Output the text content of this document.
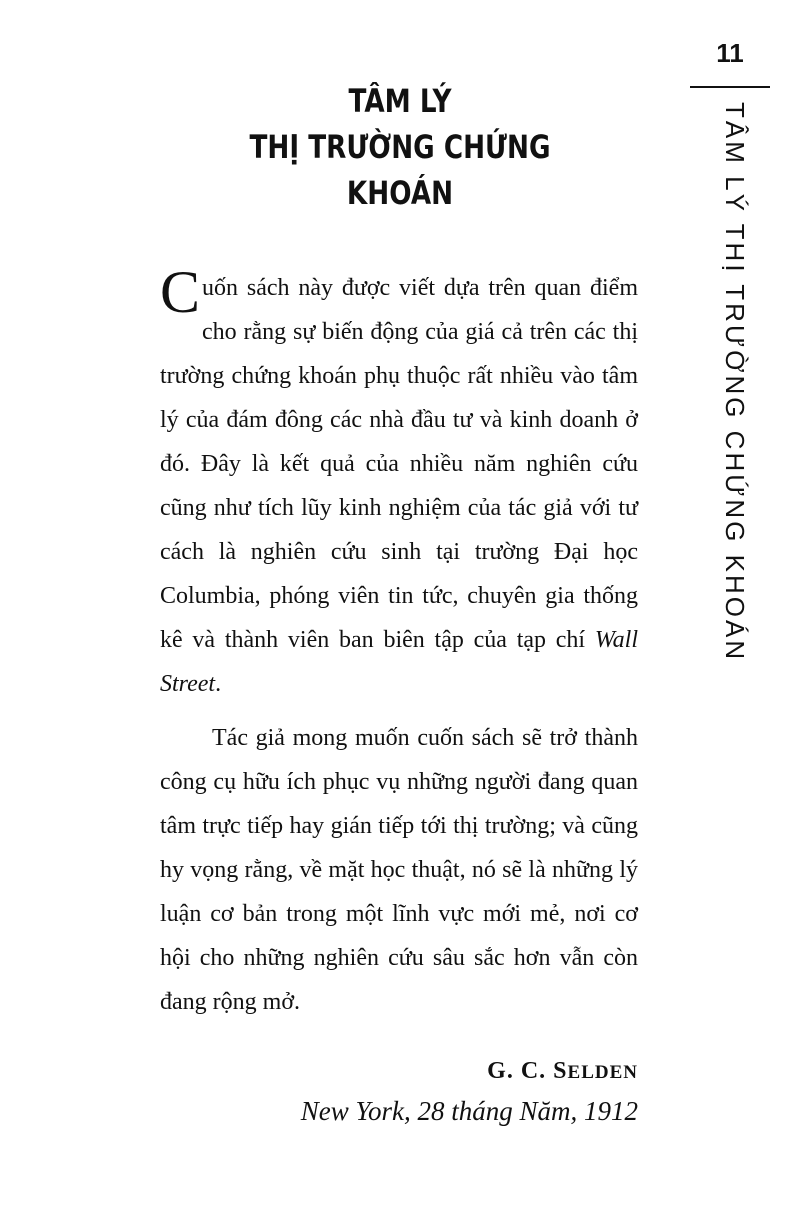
11
TÂM LÝ THỊ TRƯỜNG CHỨNG KHOÁN
TÂM LÝ
THỊ TRƯỜNG CHỨNG KHOÁN

Cuốn sách này được viết dựa trên quan điểm cho rằng sự biến động của giá cả trên các thị trường chứng khoán phụ thuộc rất nhiều vào tâm lý của đám đông các nhà đầu tư và kinh doanh ở đó. Đây là kết quả của nhiều năm nghiên cứu cũng như tích lũy kinh nghiệm của tác giả với tư cách là nghiên cứu sinh tại trường Đại học Columbia, phóng viên tin tức, chuyên gia thống kê và thành viên ban biên tập của tạp chí Wall Street.

Tác giả mong muốn cuốn sách sẽ trở thành công cụ hữu ích phục vụ những người đang quan tâm trực tiếp hay gián tiếp tới thị trường; và cũng hy vọng rằng, về mặt học thuật, nó sẽ là những lý luận cơ bản trong một lĩnh vực mới mẻ, nơi cơ hội cho những nghiên cứu sâu sắc hơn vẫn còn đang rộng mở.

G. C. SELDEN
New York, 28 tháng Năm, 1912
